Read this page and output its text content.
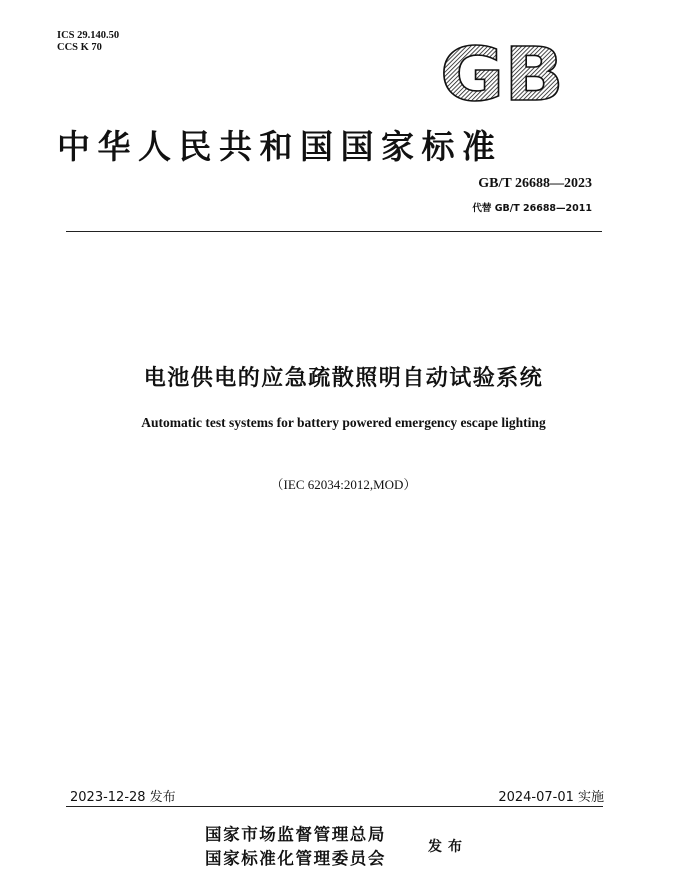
ICS 29.140.50
CCS K 70	GB
中华人民共和国国家标准
GB/T 26688—2023
代替 GB/T 26688—2011
电池供电的应急疏散照明自动试验系统
Automatic test systems for battery powered emergency escape lighting
（IEC 62034:2012,MOD）
2023-12-28 发布	2024-07-01 实施
国家市场监督管理总局
国家标准化管理委员会
发布
